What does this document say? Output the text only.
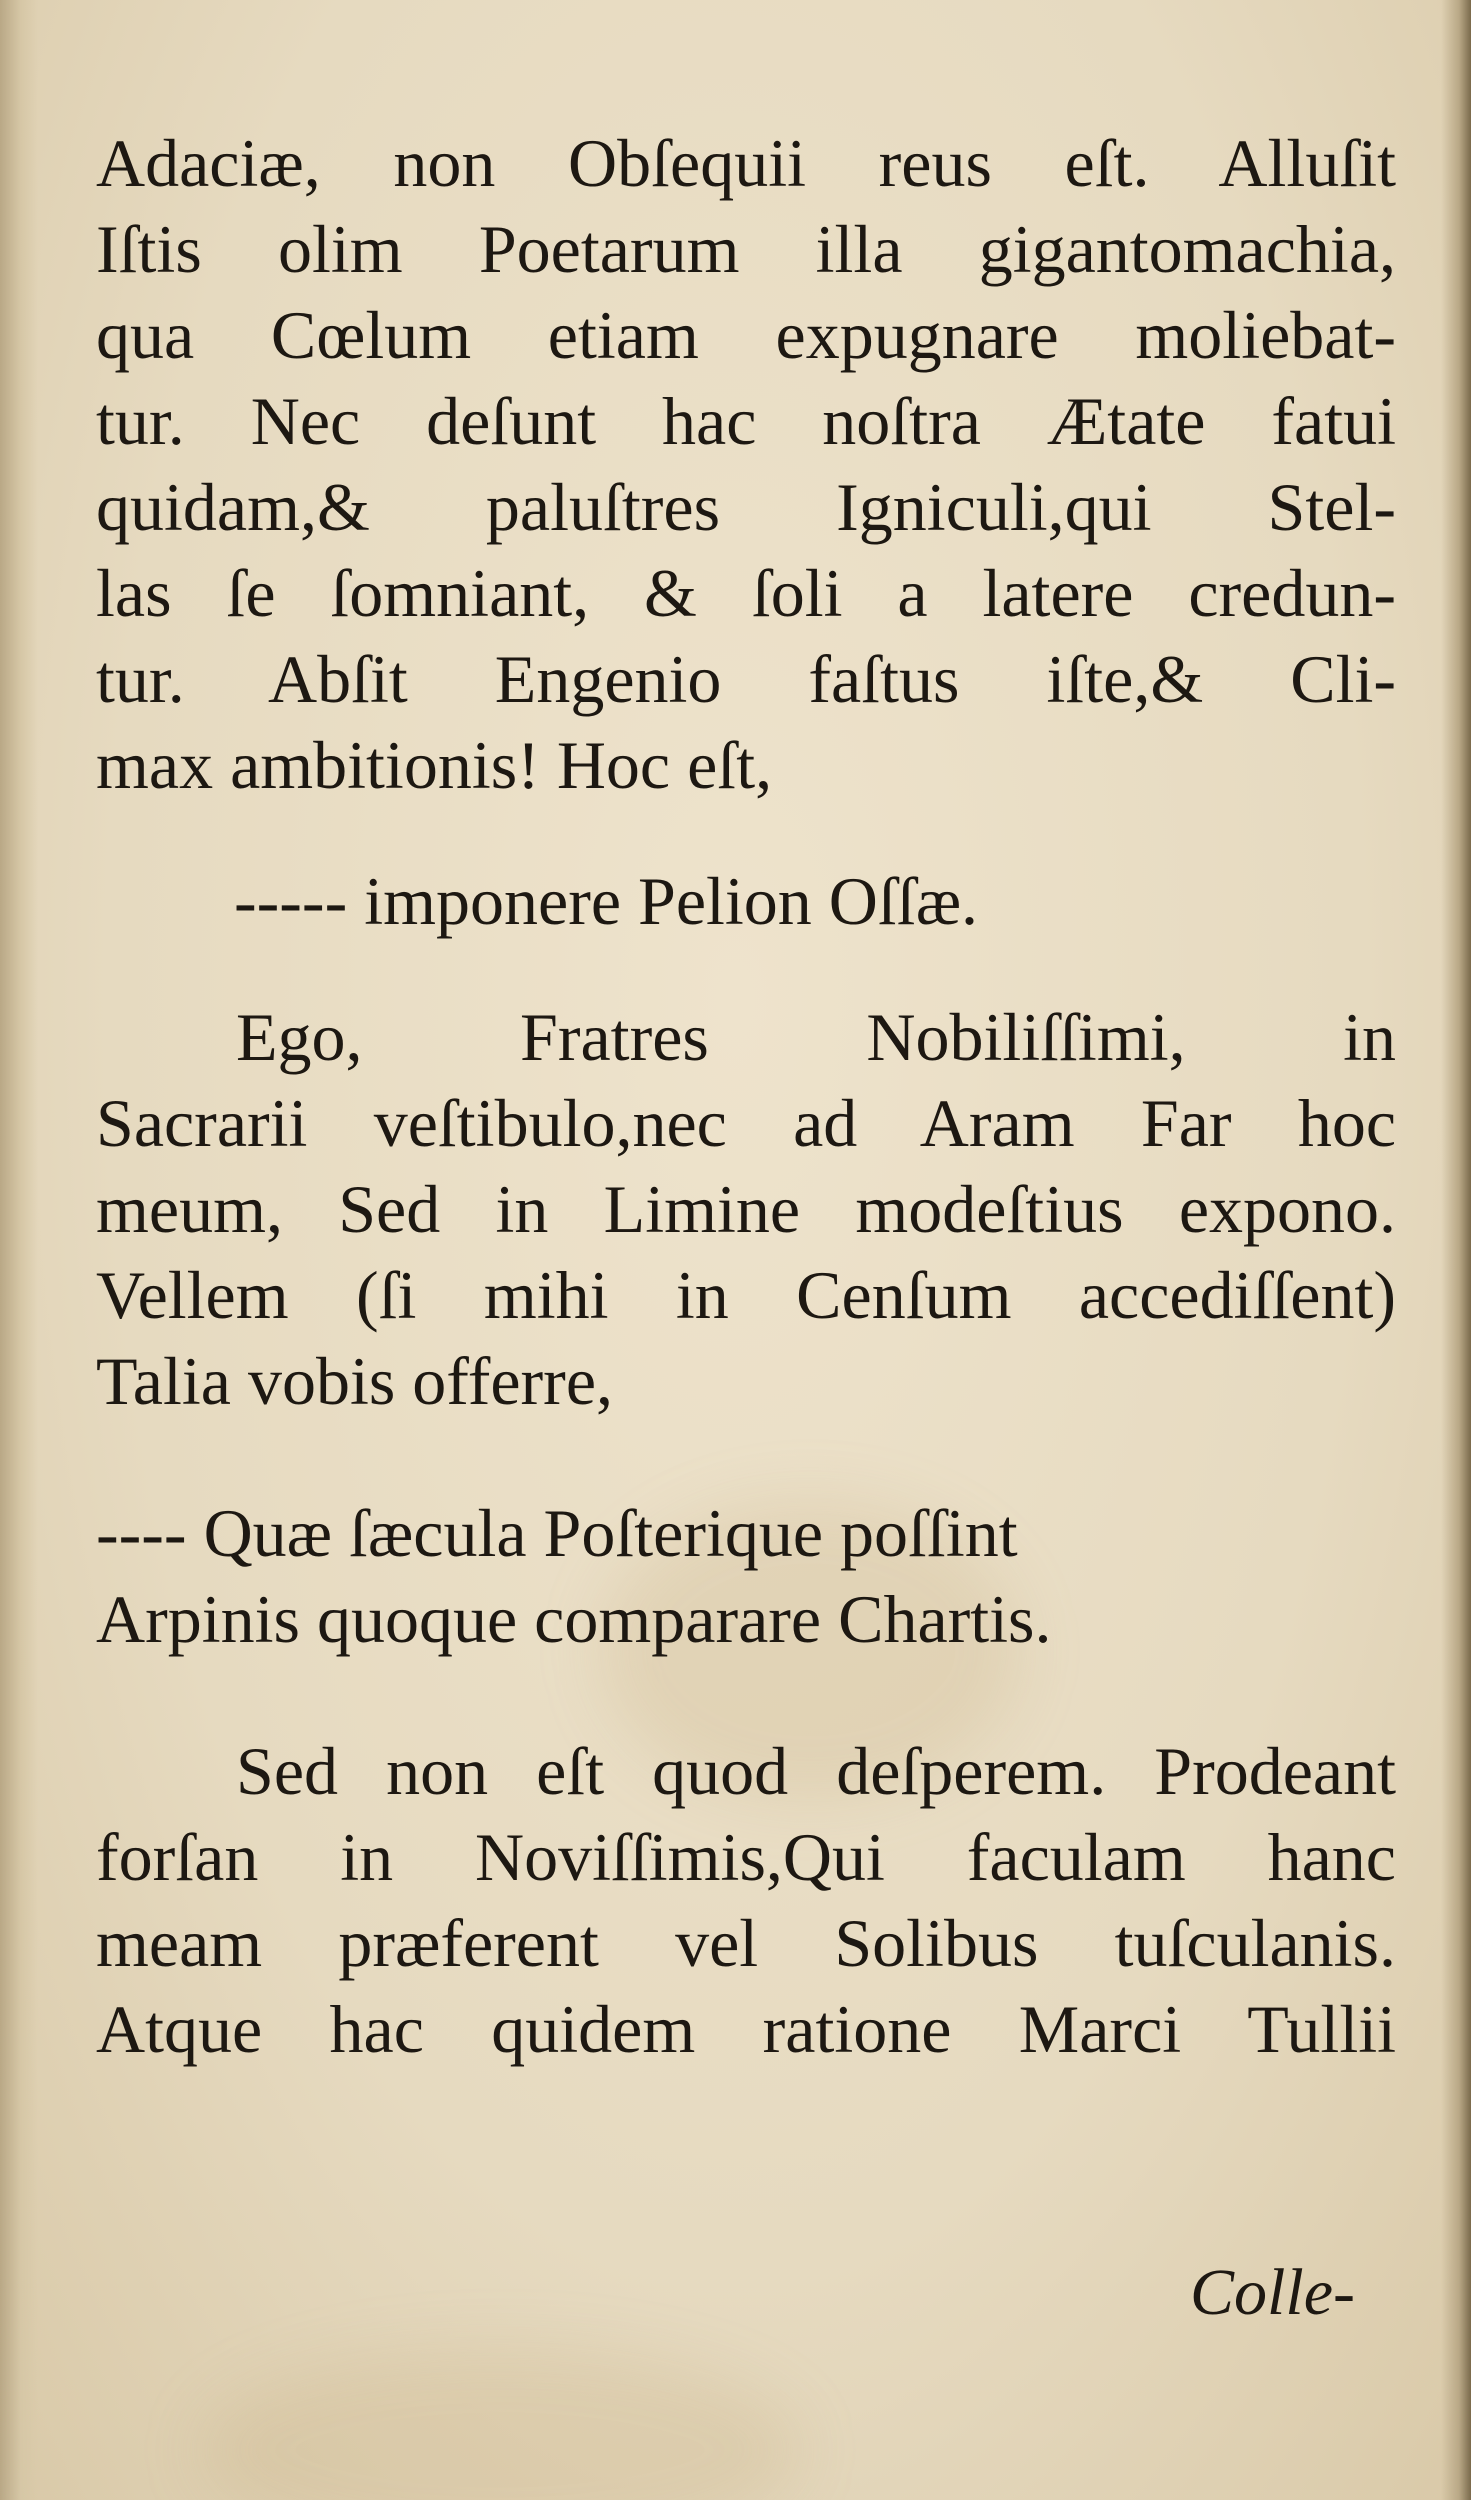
Adaciæ, non Obſequii reus eſt. Alluſit
Iſtis olim Poetarum illa gigantomachia,
qua Cœlum etiam expugnare moliebat-
tur. Nec deſunt hac noſtra Ætate fatui
quidam,& paluſtres Igniculi,qui Stel-
las ſe ſomniant, & ſoli a latere credun-
tur. Abſit Engenio faſtus iſte,& Cli-
max ambitionis! Hoc eſt,
----- imponere Pelion Oſſæ.
Ego, Fratres Nobiliſſimi, in
Sacrarii veſtibulo,nec ad Aram Far hoc
meum, Sed in Limine modeſtius expono.
Vellem (ſi mihi in Cenſum accediſſent)
Talia vobis offerre,
---- Quæ ſæcula Poſterique poſſint
Arpinis quoque comparare Chartis.
Sed non eſt quod deſperem. Prodeant
forſan in Noviſſimis,Qui faculam hanc
meam præferent vel Solibus tuſculanis.
Atque hac quidem ratione Marci Tullii
Colle-
